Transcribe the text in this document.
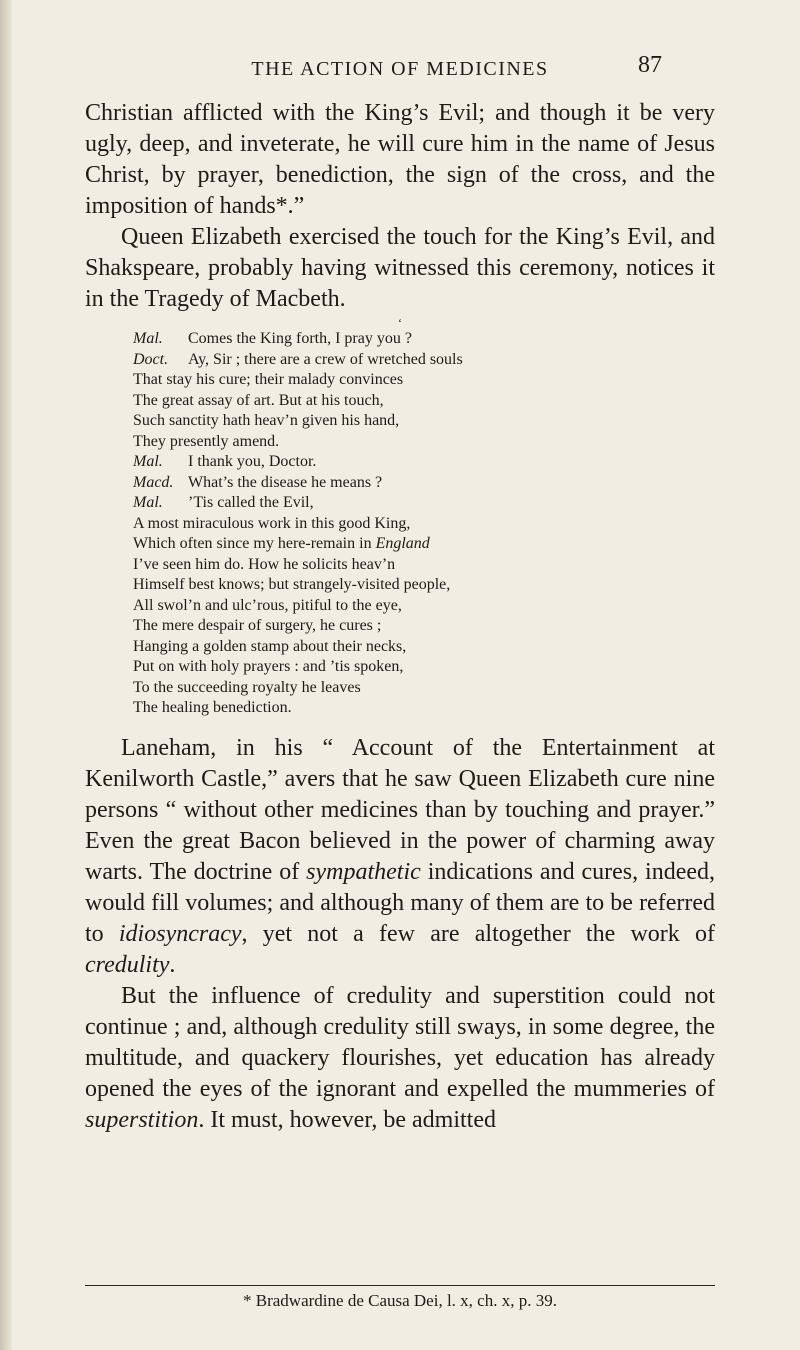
THE ACTION OF MEDICINES	87

Christian afflicted with the King’s Evil; and though it be very ugly, deep, and inveterate, he will cure him in the name of Jesus Christ, by prayer, benediction, the sign of the cross, and the imposition of hands*.”

Queen Elizabeth exercised the touch for the King’s Evil, and Shakspeare, probably having witnessed this ceremony, notices it in the Tragedy of Macbeth.

‘
Mal. Comes the King forth, I pray you ?
Doct. Ay, Sir ; there are a crew of wretched souls
That stay his cure; their malady convinces
The great assay of art. But at his touch,
Such sanctity hath heav’n given his hand,
They presently amend.
Mal. I thank you, Doctor.
Macd. What’s the disease he means ?
Mal. ’Tis called the Evil,
A most miraculous work in this good King,
Which often since my here-remain in England
I’ve seen him do. How he solicits heav’n
Himself best knows; but strangely-visited people,
All swol’n and ulc’rous, pitiful to the eye,
The mere despair of surgery, he cures ;
Hanging a golden stamp about their necks,
Put on with holy prayers : and ’tis spoken,
To the succeeding royalty he leaves
The healing benediction.

Laneham, in his “ Account of the Entertainment at Kenilworth Castle,” avers that he saw Queen Elizabeth cure nine persons “ without other medicines than by touching and prayer.” Even the great Bacon believed in the power of charming away warts. The doctrine of sympathetic indications and cures, indeed, would fill volumes; and although many of them are to be referred to idiosyncracy, yet not a few are altogether the work of credulity.

But the influence of credulity and superstition could not continue ; and, although credulity still sways, in some degree, the multitude, and quackery flourishes, yet education has already opened the eyes of the ignorant and expelled the mummeries of superstition. It must, however, be admitted

* Bradwardine de Causa Dei, l. x, ch. x, p. 39.
